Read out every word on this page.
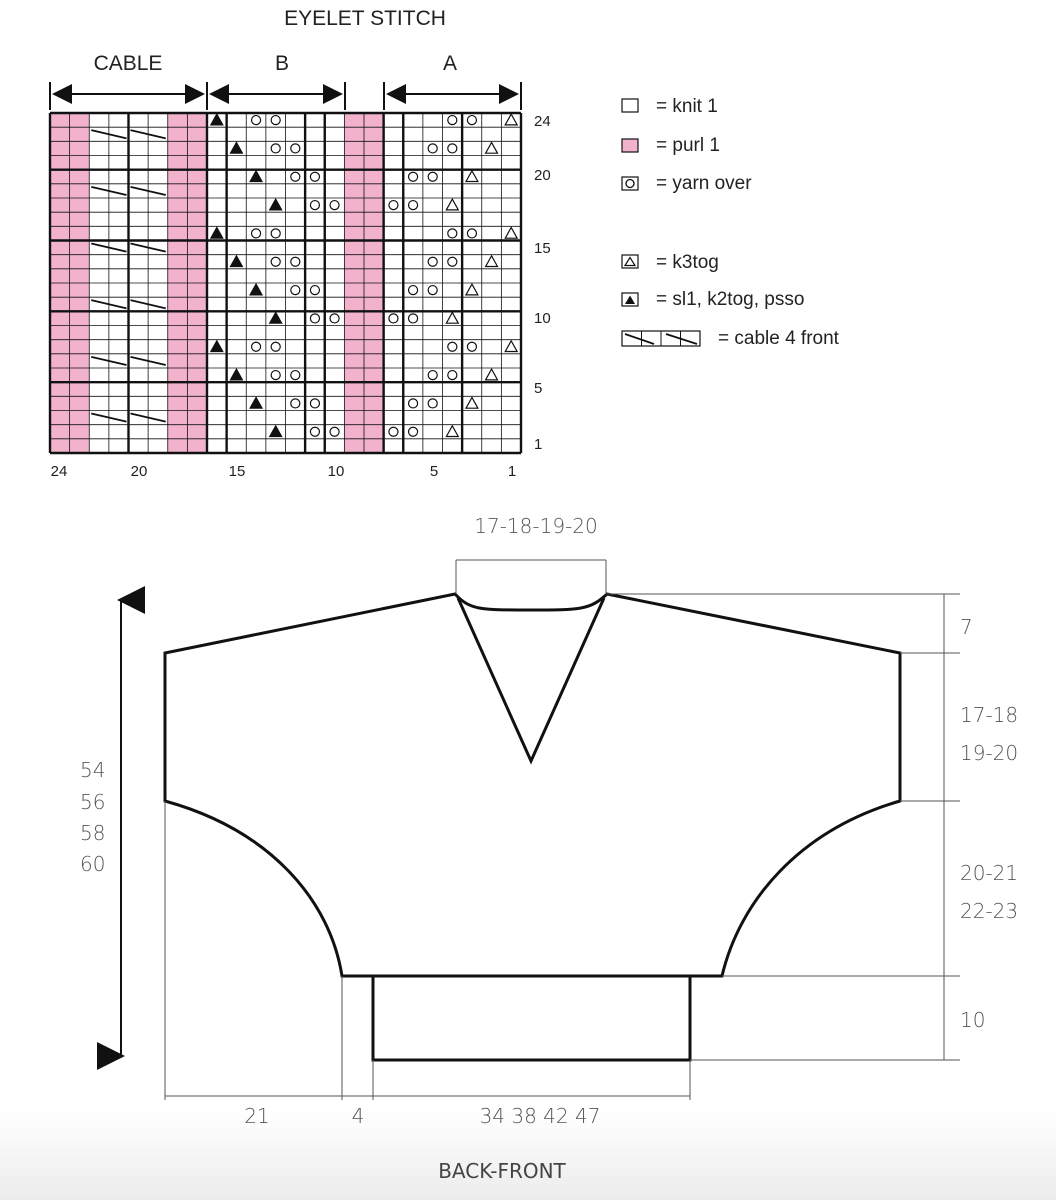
EYELET STITCH
CABLE	B	A
24
20
15
10
5
1
24	20	15	10	5	1
= knit 1
= purl 1
= yarn over
= k3tog
= sl1, k2tog, psso
= cable 4 front
17-18-19-20
7
17-18
19-20
20-21
22-23
10
54
56
58
60
21	4	34 38 42 47
BACK-FRONT
